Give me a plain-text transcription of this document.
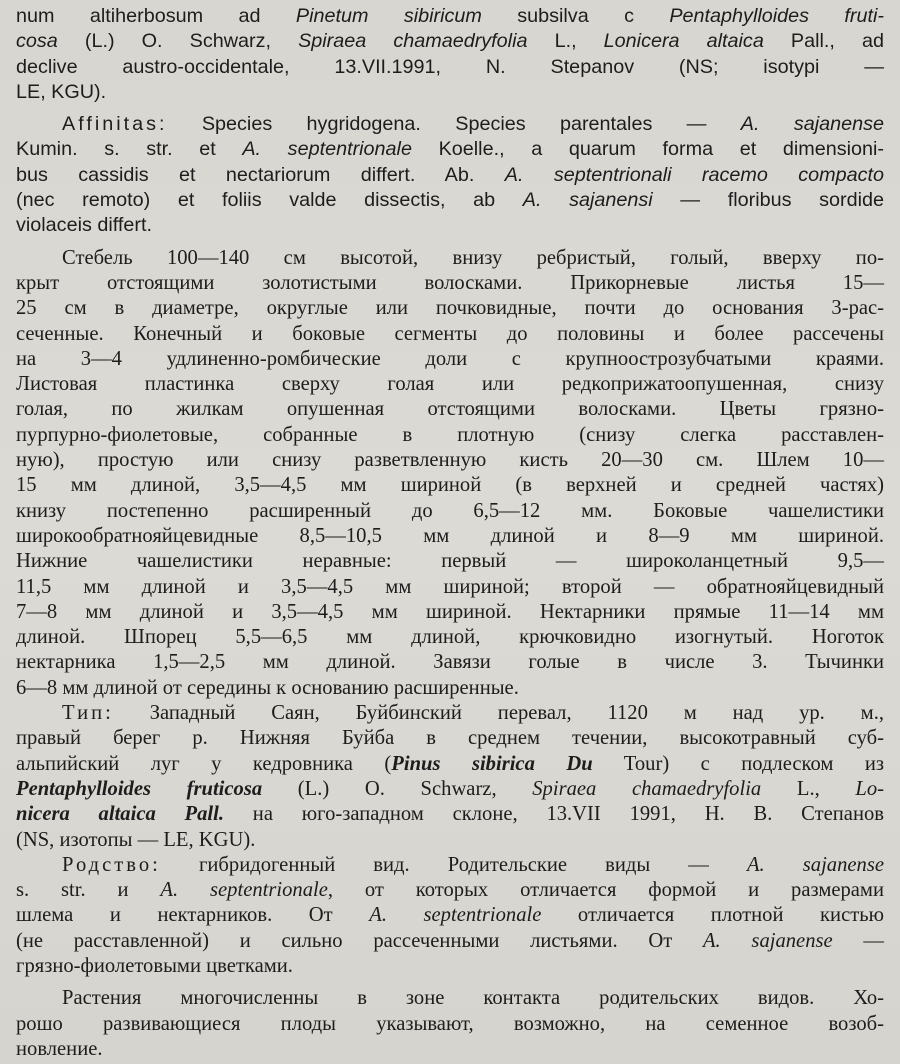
num altiherbosum ad Pinetum sibiricum subsilva c Pentaphylloides fruti-
cosa (L.) O. Schwarz, Spiraea chamaedryfolia L., Lonicera altaica Pall., ad
declive austro-occidentale, 13.VII.1991, N. Stepanov (NS; isotypi —
LE, KGU).
Affinitas: Species hygridogena. Species parentales — A. sajanense
Kumin. s. str. et A. septentrionale Koelle., a quarum forma et dimensioni-
bus cassidis et nectariorum differt. Ab. A. septentrionali racemo compacto
(nec remoto) et foliis valde dissectis, ab A. sajanensi — floribus sordide
violaceis differt.
Стебель 100—140 см высотой, внизу ребристый, голый, вверху по-
крыт отстоящими золотистыми волосками. Прикорневые листья 15—
25 см в диаметре, округлые или почковидные, почти до основания 3-рас-
сеченные. Конечный и боковые сегменты до половины и более рассечены
на 3—4 удлиненно-ромбические доли с крупноострозубчатыми краями.
Листовая пластинка сверху голая или редкоприжатоопушенная, снизу
голая, по жилкам опушенная отстоящими волосками. Цветы грязно-
пурпурно-фиолетовые, собранные в плотную (снизу слегка расставлен-
ную), простую или снизу разветвленную кисть 20—30 см. Шлем 10—
15 мм длиной, 3,5—4,5 мм шириной (в верхней и средней частях)
книзу постепенно расширенный до 6,5—12 мм. Боковые чашелистики
широкообратнояйцевидные 8,5—10,5 мм длиной и 8—9 мм шириной.
Нижние чашелистики неравные: первый — широколанцетный 9,5—
11,5 мм длиной и 3,5—4,5 мм шириной; второй — обратнояйцевидный
7—8 мм длиной и 3,5—4,5 мм шириной. Нектарники прямые 11—14 мм
длиной. Шпорец 5,5—6,5 мм длиной, крючковидно изогнутый. Ноготок
нектарника 1,5—2,5 мм длиной. Завязи голые в числе 3. Тычинки
6—8 мм длиной от середины к основанию расширенные.
Тип: Западный Саян, Буйбинский перевал, 1120 м над ур. м.,
правый берег р. Нижняя Буйба в среднем течении, высокотравный суб-
альпийский луг у кедровника (Pinus sibirica Du Tour) с подлеском из
Pentaphylloides fruticosa (L.) O. Schwarz, Spiraea chamaedryfolia L., Lo-
nicera altaica Pall. на юго-западном склоне, 13.VII 1991, Н. В. Степанов
(NS, изотопы — LE, KGU).
Родство: гибридогенный вид. Родительские виды — A. sajanense
s. str. и A. septentrionale, от которых отличается формой и размерами
шлема и нектарников. От A. septentrionale отличается плотной кистью
(не расставленной) и сильно рассеченными листьями. От A. sajanense —
грязно-фиолетовыми цветками.
Растения многочисленны в зоне контакта родительских видов. Хо-
рошо развивающиеся плоды указывают, возможно, на семенное возоб-
новление.
